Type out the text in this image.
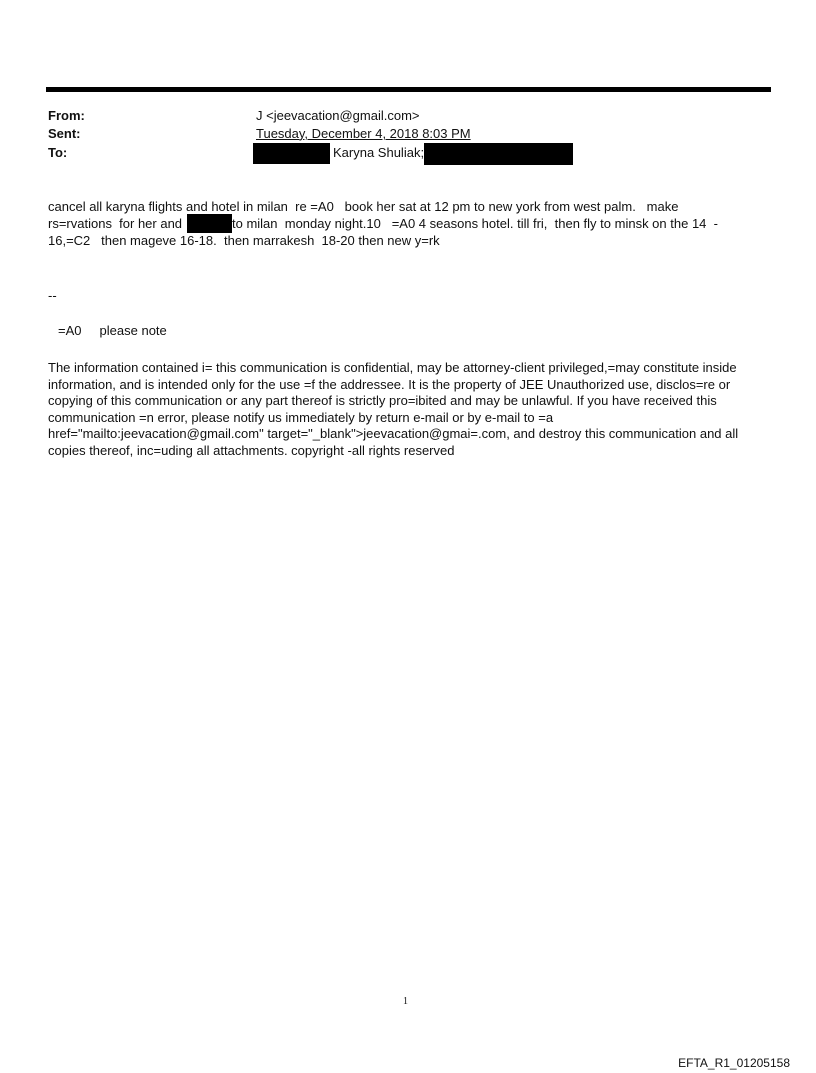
From:	J <jeevacation@gmail.com>
Sent:	Tuesday, December 4, 2018 8:03 PM
To:	Karyna Shuliak;
cancel all karyna flights and hotel in milan  re =A0   book her sat at 12 pm to new york from west palm.   make
rs=rvations  for her and	to milan  monday night.10   =A0 4 seasons hotel. till fri,  then fly to minsk on the 14  -
16,=C2   then mageve 16-18.  then marrakesh  18-20 then new y=rk
--
=A0     please note
The information contained i= this communication is confidential, may be attorney-client privileged,=may constitute inside information, and is intended only for the use =f the addressee. It is the property of JEE Unauthorized use, disclos=re or copying of this communication or any part thereof is strictly pro=ibited and may be unlawful. If you have received this communication =n error, please notify us immediately by return e-mail or by e-mail to =a href="mailto:jeevacation@gmail.com" target="_blank">jeevacation@gmai=.com, and destroy this communication and all copies thereof, inc=uding all attachments. copyright -all rights reserved
1
EFTA_R1_01205158
